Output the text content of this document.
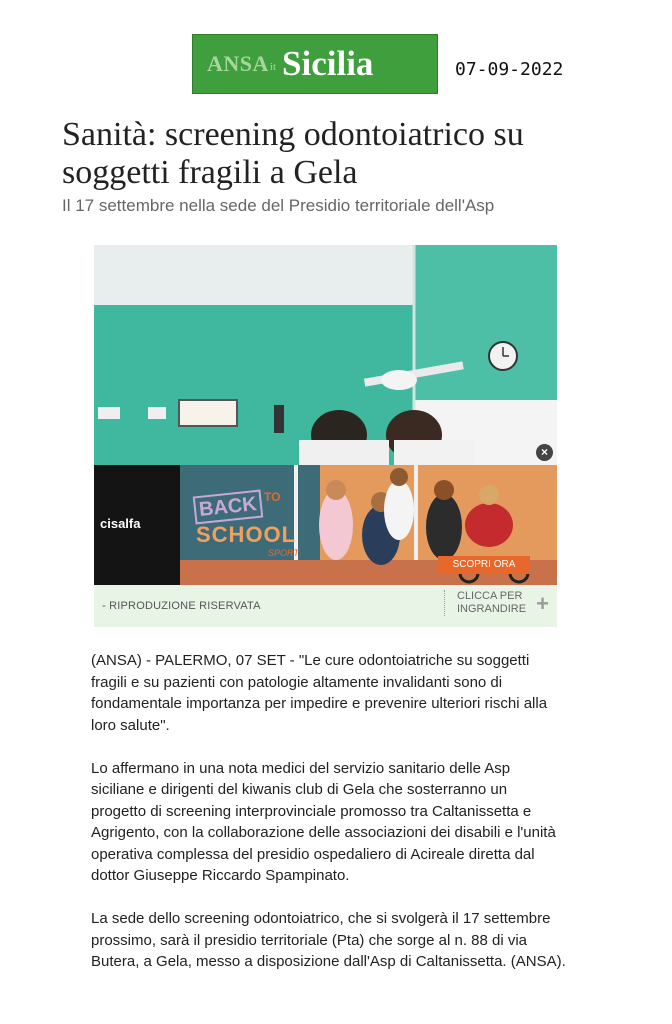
ANSA it Sicilia	07-09-2022
Sanità: screening odontoiatrico su soggetti fragili a Gela
Il 17 settembre nella sede del Presidio territoriale dell'Asp
cisalfa
BACK TO
SCHOOL
SPORT
SCOPRI ORA
×
- RIPRODUZIONE RISERVATA
CLICCA PER INGRANDIRE +

(ANSA) - PALERMO, 07 SET - "Le cure odontoiatriche su soggetti fragili e su pazienti con patologie altamente invalidanti sono di fondamentale importanza per impedire e prevenire ulteriori rischi alla loro salute".

Lo affermano in una nota medici del servizio sanitario delle Asp siciliane e dirigenti del kiwanis club di Gela che sosterranno un progetto di screening interprovinciale promosso tra Caltanissetta e Agrigento, con la collaborazione delle associazioni dei disabili e l'unità operativa complessa del presidio ospedaliero di Acireale diretta dal dottor Giuseppe Riccardo Spampinato.

La sede dello screening odontoiatrico, che si svolgerà il 17 settembre prossimo, sarà il presidio territoriale (Pta) che sorge al n. 88 di via Butera, a Gela, messo a disposizione dall'Asp di Caltanissetta. (ANSA).
